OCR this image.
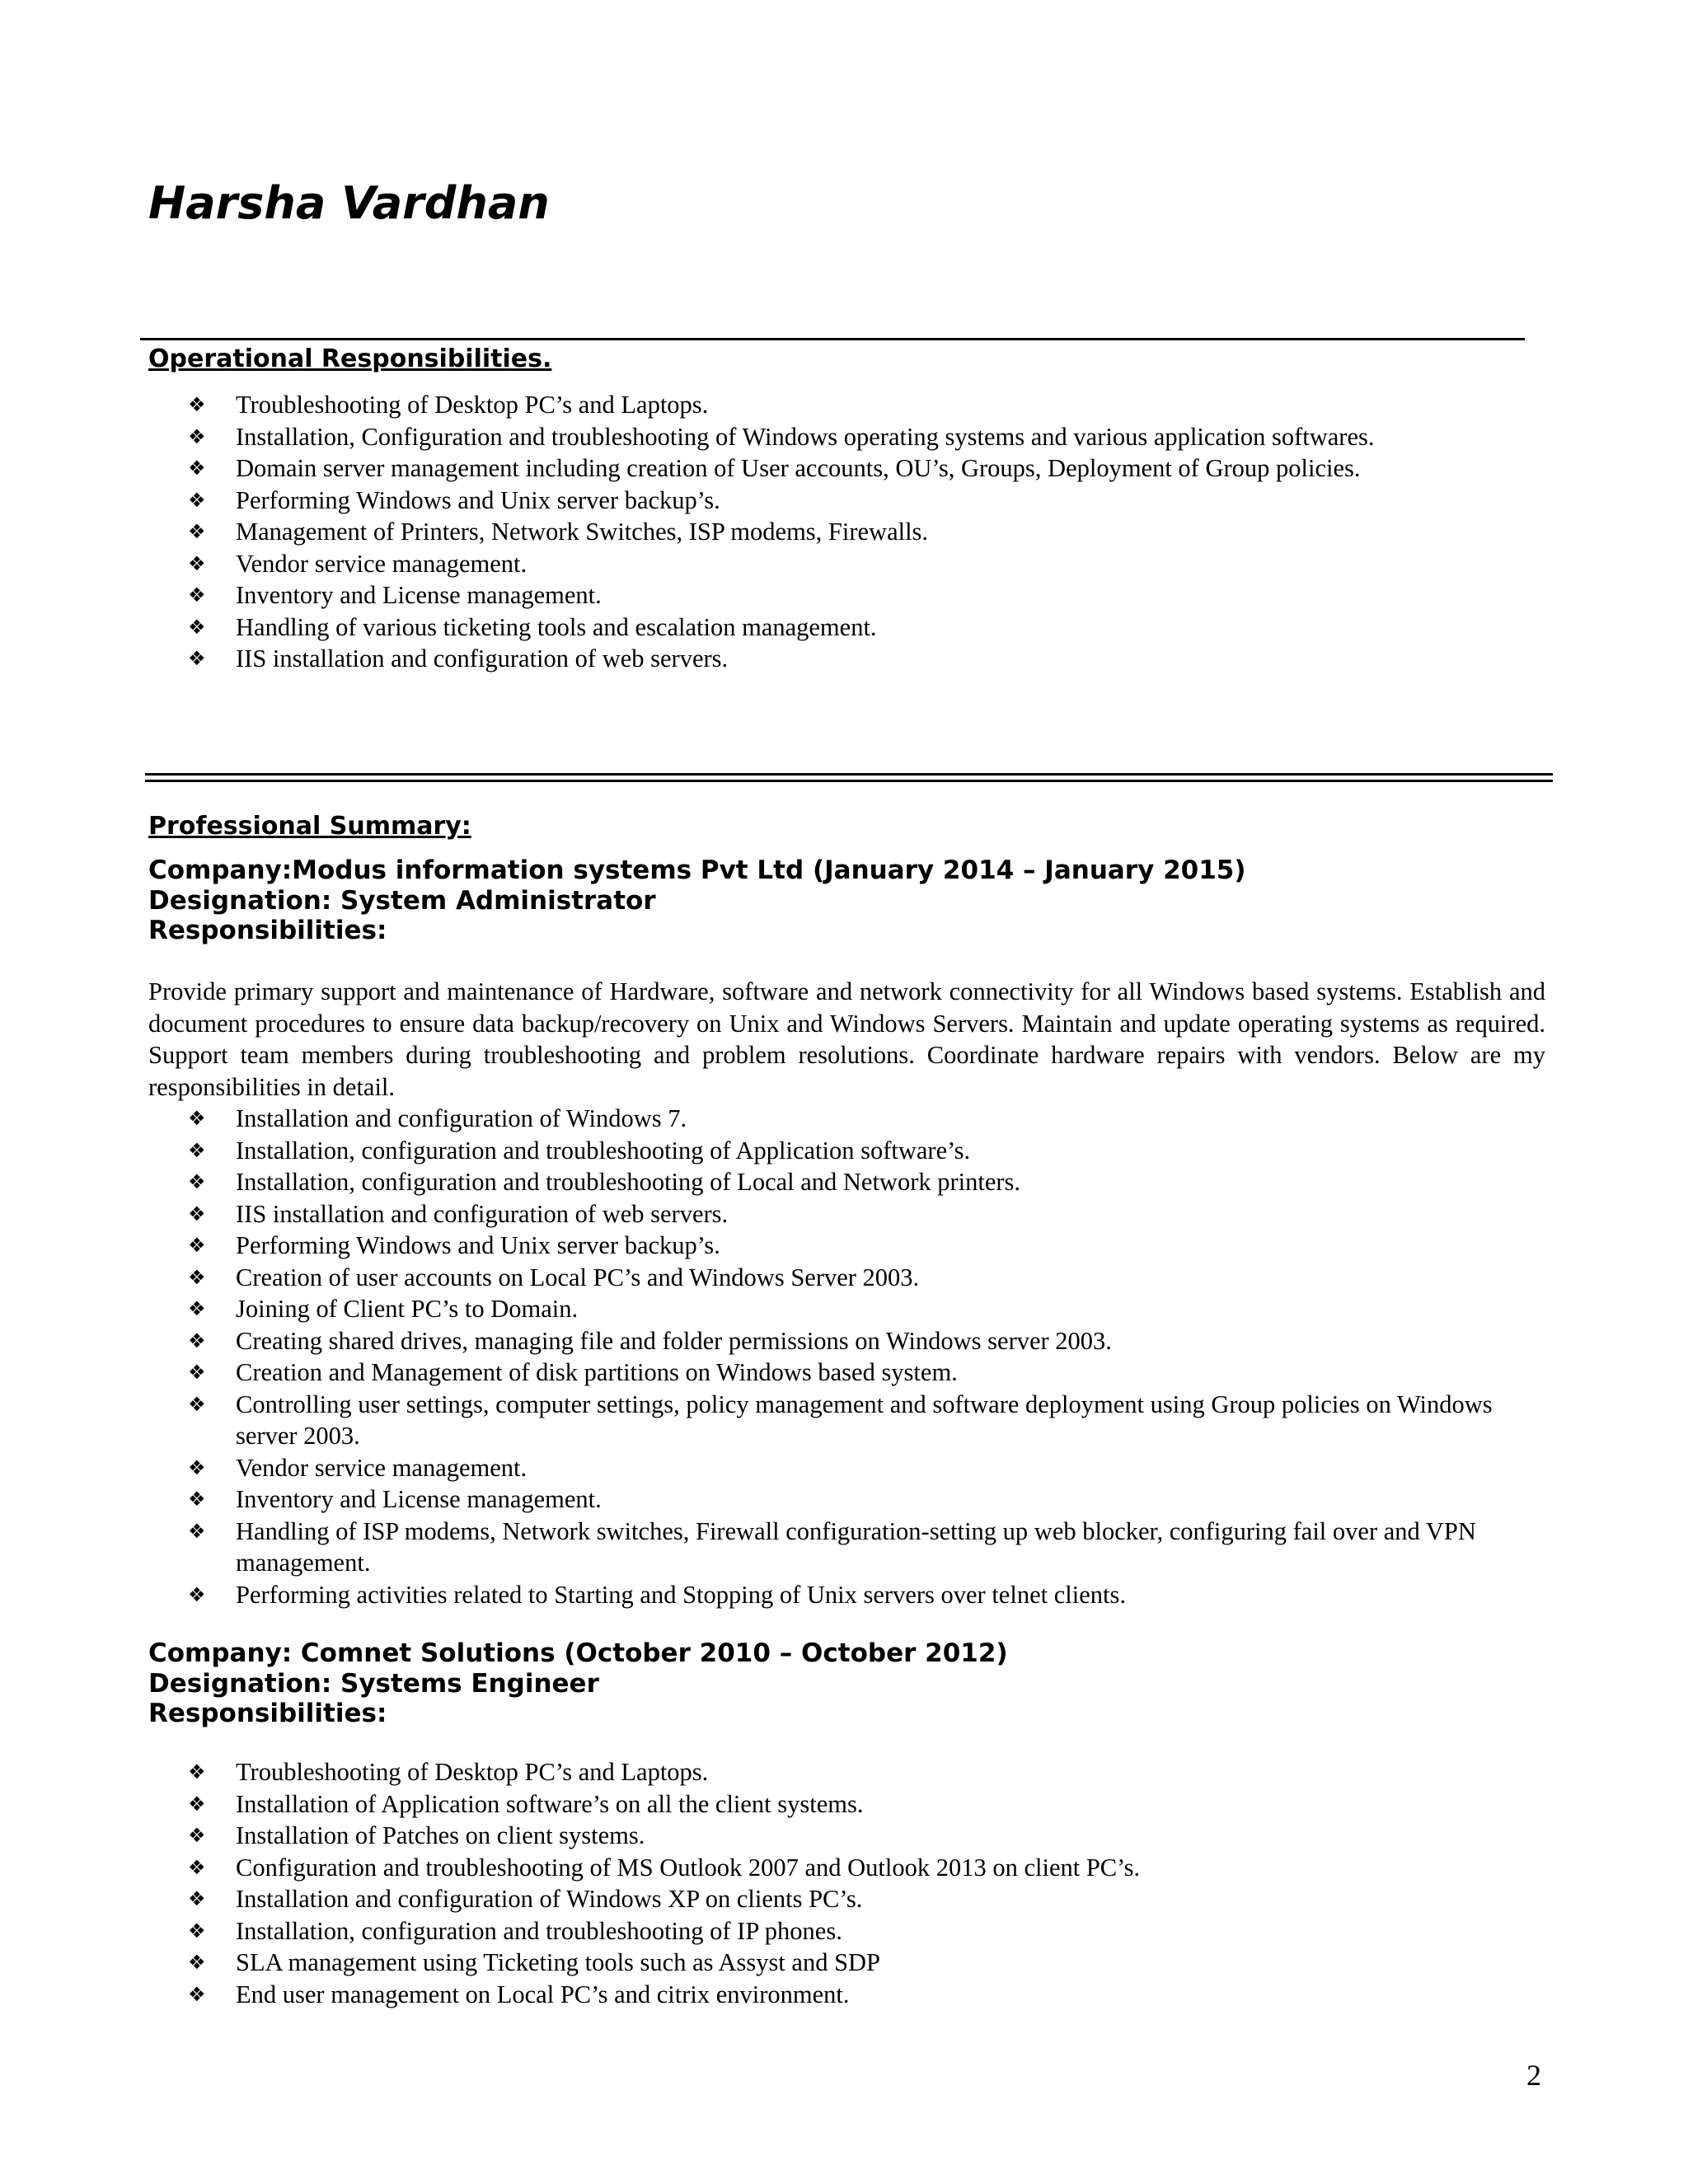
Harsha Vardhan
Operational Responsibilities.
❖ Troubleshooting of Desktop PC’s and Laptops.
❖ Installation, Configuration and troubleshooting of Windows operating systems and various application softwares.
❖ Domain server management including creation of User accounts, OU’s, Groups, Deployment of Group policies.
❖ Performing Windows and Unix server backup’s.
❖ Management of Printers, Network Switches, ISP modems, Firewalls.
❖ Vendor service management.
❖ Inventory and License management.
❖ Handling of various ticketing tools and escalation management.
❖ IIS installation and configuration of web servers.
Professional Summary:
Company:Modus information systems Pvt Ltd (January 2014 – January 2015)
Designation: System Administrator
Responsibilities:

Provide primary support and maintenance of Hardware, software and network connectivity for all Windows based systems. Establish and document procedures to ensure data backup/recovery on Unix and Windows Servers. Maintain and update operating systems as required. Support team members during troubleshooting and problem resolutions. Coordinate hardware repairs with vendors. Below are my responsibilities in detail.

❖ Installation and configuration of Windows 7.
❖ Installation, configuration and troubleshooting of Application software’s.
❖ Installation, configuration and troubleshooting of Local and Network printers.
❖ IIS installation and configuration of web servers.
❖ Performing Windows and Unix server backup’s.
❖ Creation of user accounts on Local PC’s and Windows Server 2003.
❖ Joining of Client PC’s to Domain.
❖ Creating shared drives, managing file and folder permissions on Windows server 2003.
❖ Creation and Management of disk partitions on Windows based system.
❖ Controlling user settings, computer settings, policy management and software deployment using Group policies on Windows server 2003.
❖ Vendor service management.
❖ Inventory and License management.
❖ Handling of ISP modems, Network switches, Firewall configuration-setting up web blocker, configuring fail over and VPN management.
❖ Performing activities related to Starting and Stopping of Unix servers over telnet clients.
Company: Comnet Solutions (October 2010 – October 2012)
Designation: Systems Engineer
Responsibilities:
❖ Troubleshooting of Desktop PC’s and Laptops.
❖ Installation of Application software’s on all the client systems.
❖ Installation of Patches on client systems.
❖ Configuration and troubleshooting of MS Outlook 2007 and Outlook 2013 on client PC’s.
❖ Installation and configuration of Windows XP on clients PC’s.
❖ Installation, configuration and troubleshooting of IP phones.
❖ SLA management using Ticketing tools such as Assyst and SDP
❖ End user management on Local PC’s and citrix environment.
2
